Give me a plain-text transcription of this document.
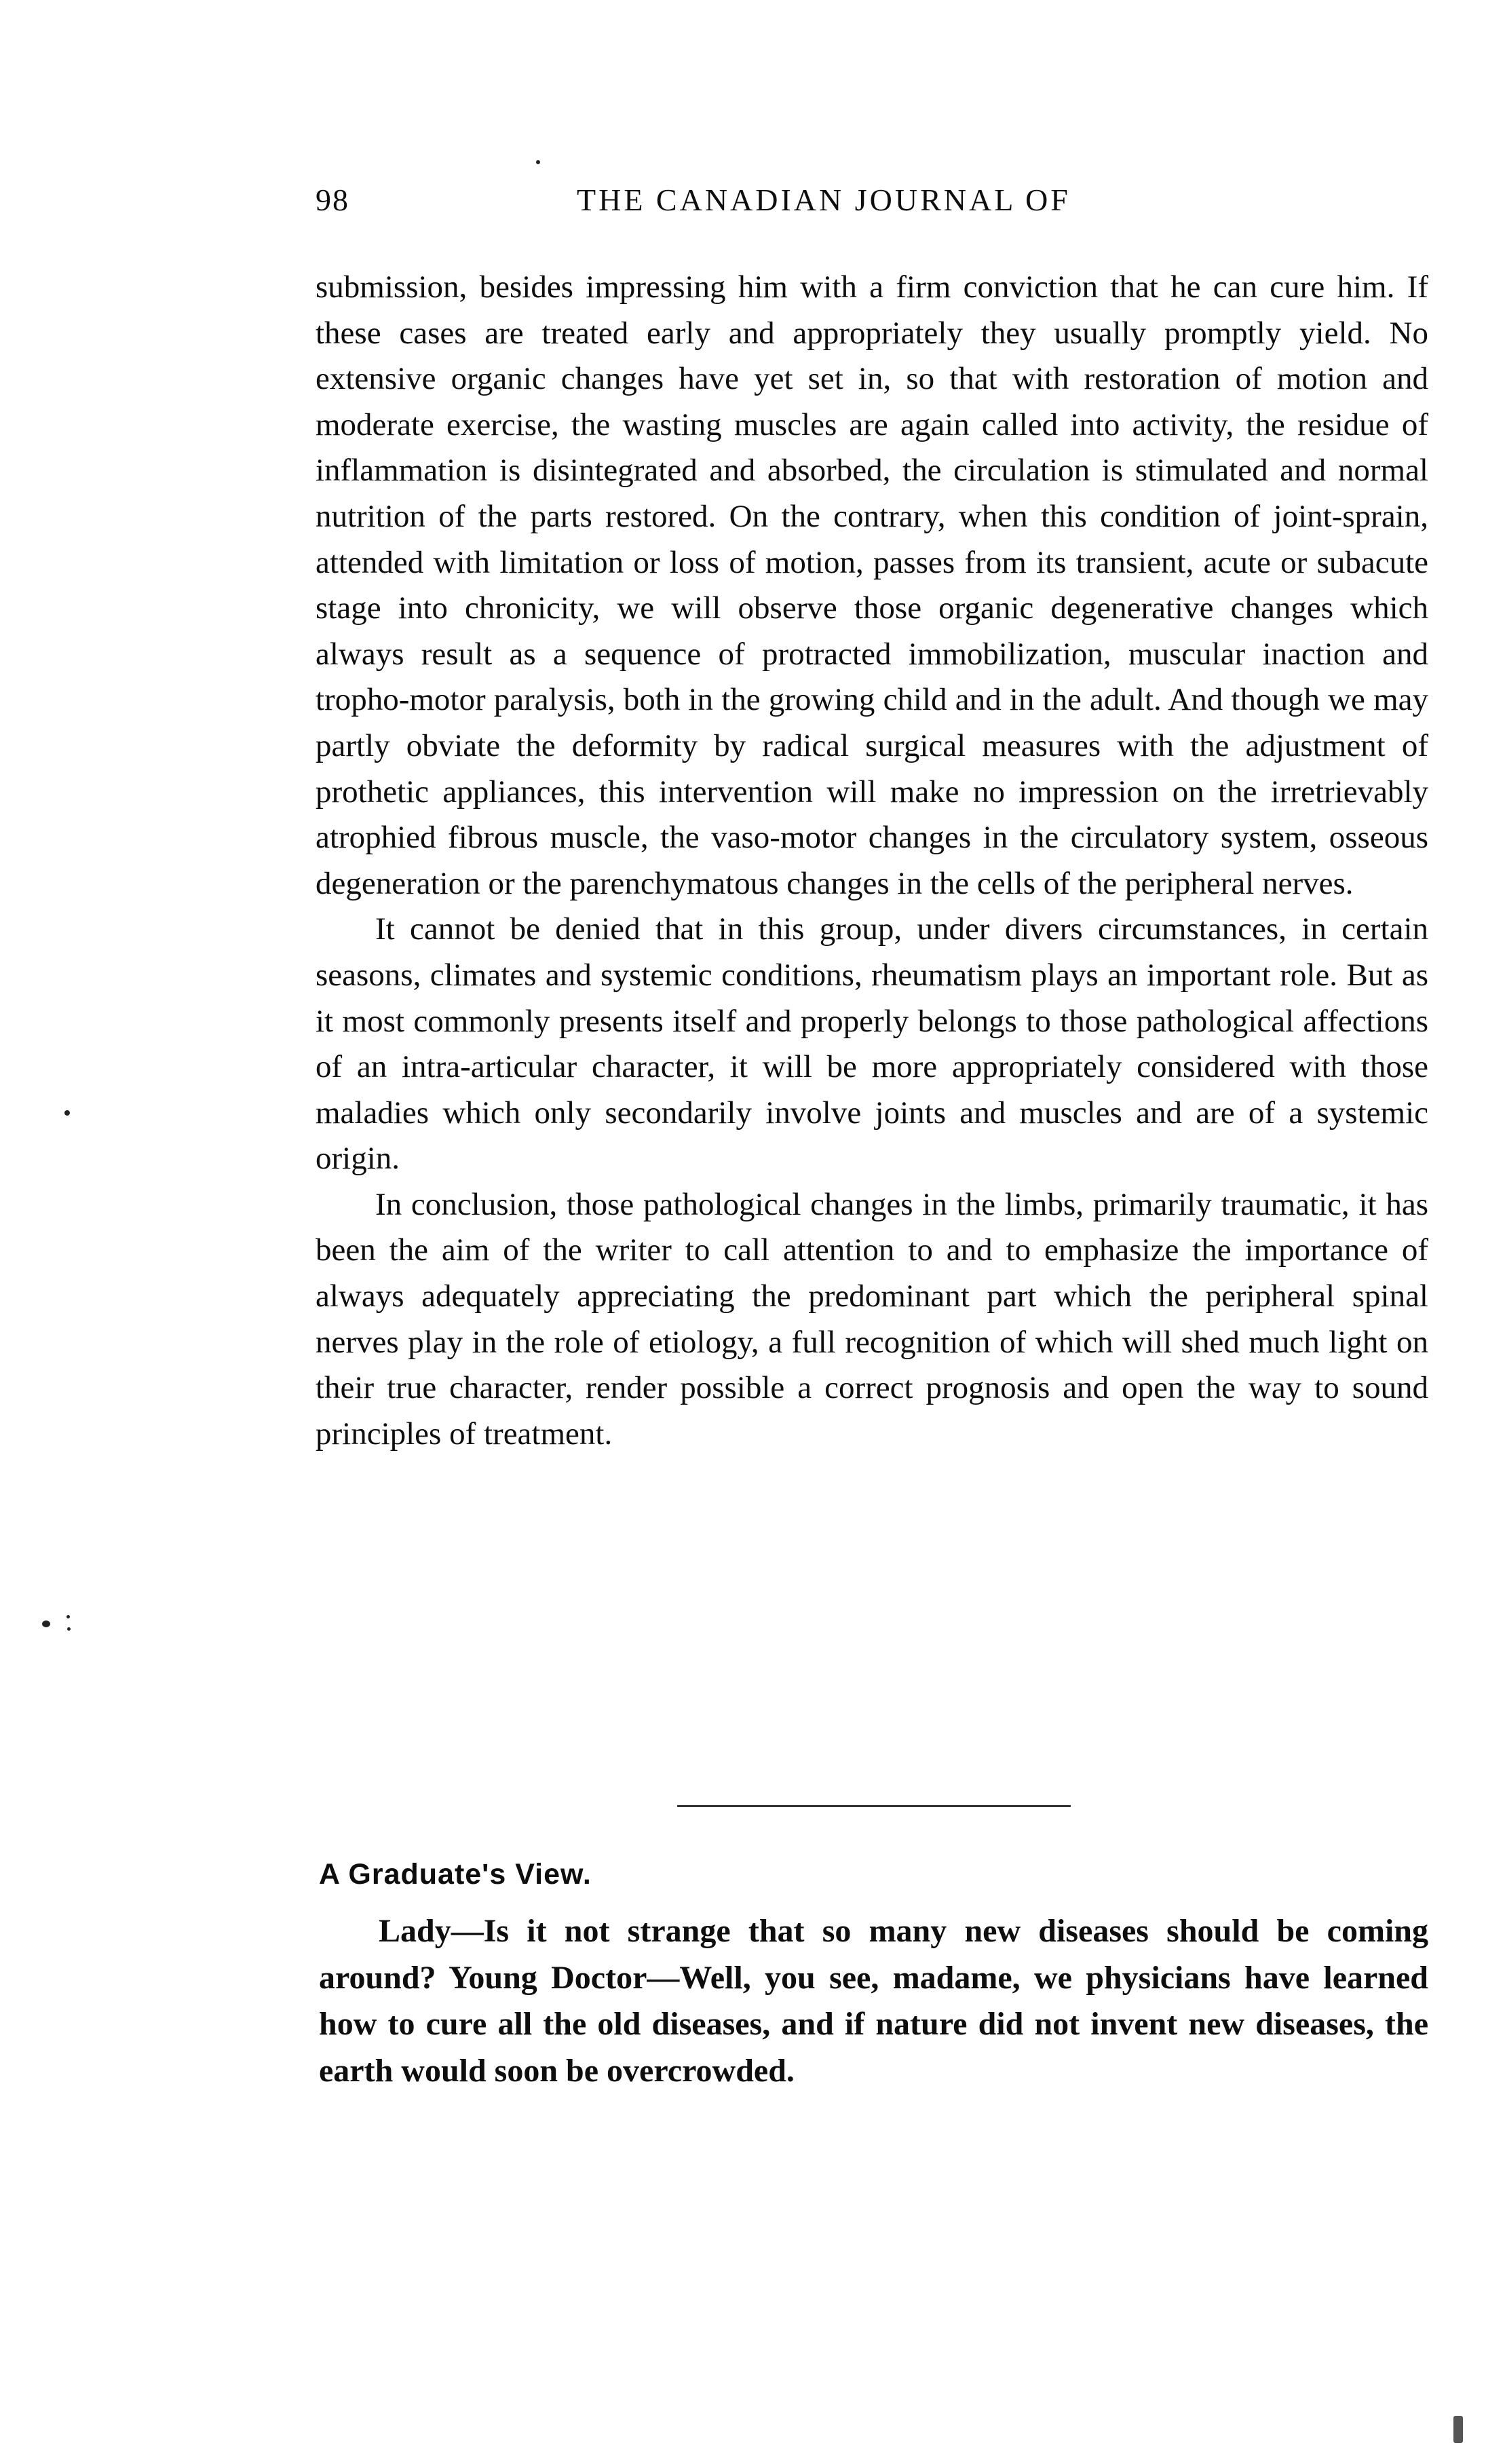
98	THE CANADIAN JOURNAL OF

submission, besides impressing him with a firm conviction that he can cure him. If these cases are treated early and appropriately they usually promptly yield. No extensive organic changes have yet set in, so that with restoration of motion and moderate exercise, the wasting muscles are again called into activity, the residue of inflammation is disintegrated and absorbed, the circulation is stimulated and normal nutrition of the parts restored. On the contrary, when this condition of joint-sprain, attended with limitation or loss of motion, passes from its transient, acute or subacute stage into chronicity, we will observe those organic degenerative changes which always result as a sequence of protracted immobilization, muscular inaction and tropho-motor paralysis, both in the growing child and in the adult. And though we may partly obviate the deformity by radical surgical measures with the adjustment of prothetic appliances, this intervention will make no impression on the irretrievably atrophied fibrous muscle, the vaso-motor changes in the circulatory system, osseous degeneration or the parenchymatous changes in the cells of the peripheral nerves.

It cannot be denied that in this group, under divers circumstances, in certain seasons, climates and systemic conditions, rheumatism plays an important role. But as it most commonly presents itself and properly belongs to those pathological affections of an intra-articular character, it will be more appropriately considered with those maladies which only secondarily involve joints and muscles and are of a systemic origin.

In conclusion, those pathological changes in the limbs, primarily traumatic, it has been the aim of the writer to call attention to and to emphasize the importance of always adequately appreciating the predominant part which the peripheral spinal nerves play in the role of etiology, a full recognition of which will shed much light on their true character, render possible a correct prognosis and open the way to sound principles of treatment.

A Graduate's View.

Lady—Is it not strange that so many new diseases should be coming around? Young Doctor—Well, you see, madame, we physicians have learned how to cure all the old diseases, and if nature did not invent new diseases, the earth would soon be overcrowded.
